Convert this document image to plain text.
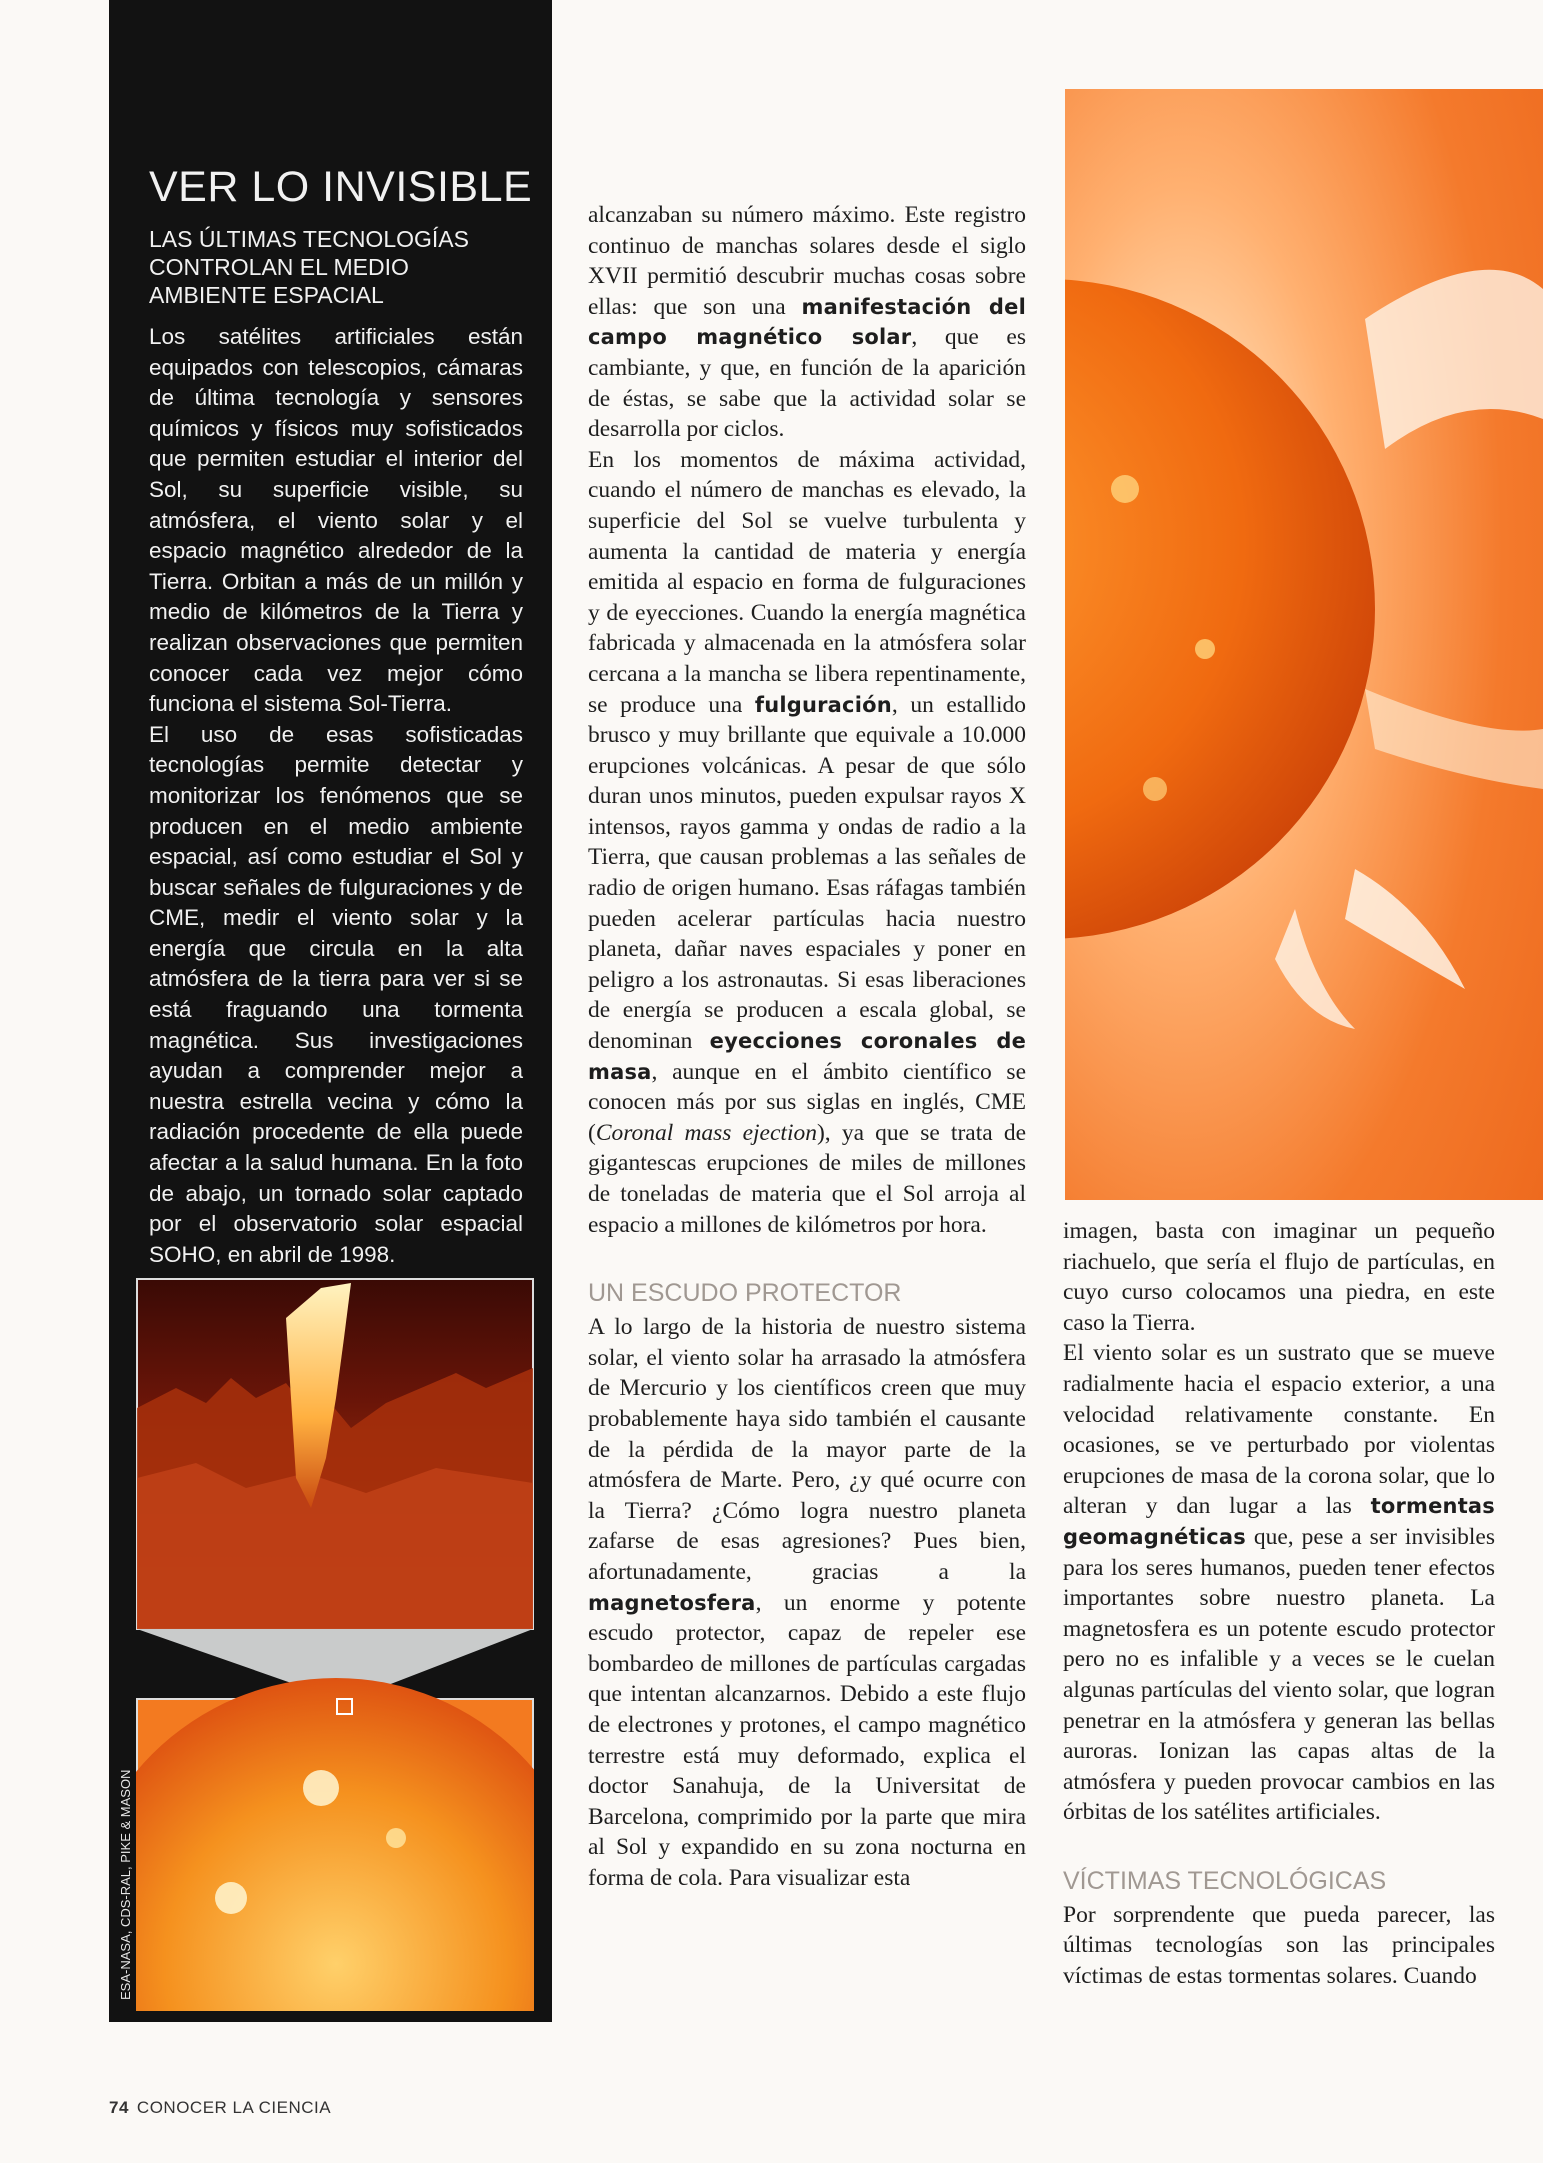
VER LO INVISIBLE
LAS ÚLTIMAS TECNOLOGÍAS CONTROLAN EL MEDIO AMBIENTE ESPACIAL

Los satélites artificiales están equipados con telescopios, cámaras de última tecnología y sensores químicos y físicos muy sofisticados que permiten estudiar el interior del Sol, su superficie visible, su atmósfera, el viento solar y el espacio magnético alrededor de la Tierra. Orbitan a más de un millón y medio de kilómetros de la Tierra y realizan observaciones que permiten conocer cada vez mejor cómo funciona el sistema Sol-Tierra.

El uso de esas sofisticadas tecnologías permite detectar y monitorizar los fenómenos que se producen en el medio ambiente espacial, así como estudiar el Sol y buscar señales de fulguraciones y de CME, medir el viento solar y la energía que circula en la alta atmósfera de la tierra para ver si se está fraguando una tormenta magnética. Sus investigaciones ayudan a comprender mejor a nuestra estrella vecina y cómo la radiación procedente de ella puede afectar a la salud humana. En la foto de abajo, un tornado solar captado por el observatorio solar espacial SOHO, en abril de 1998.

alcanzaban su número máximo. Este registro continuo de manchas solares desde el siglo XVII permitió descubrir muchas cosas sobre ellas: que son una manifestación del campo magnético solar, que es cambiante, y que, en función de la aparición de éstas, se sabe que la actividad solar se desarrolla por ciclos.

En los momentos de máxima actividad, cuando el número de manchas es elevado, la superficie del Sol se vuelve turbulenta y aumenta la cantidad de materia y energía emitida al espacio en forma de fulguraciones y de eyecciones. Cuando la energía magnética fabricada y almacenada en la atmósfera solar cercana a la mancha se libera repentinamente, se produce una fulguración, un estallido brusco y muy brillante que equivale a 10.000 erupciones volcánicas. A pesar de que sólo duran unos minutos, pueden expulsar rayos X intensos, rayos gamma y ondas de radio a la Tierra, que causan problemas a las señales de radio de origen humano. Esas ráfagas también pueden acelerar partículas hacia nuestro planeta, dañar naves espaciales y poner en peligro a los astronautas. Si esas liberaciones de energía se producen a escala global, se denominan eyecciones coronales de masa, aunque en el ámbito científico se conocen más por sus siglas en inglés, CME (Coronal mass ejection), ya que se trata de gigantescas erupciones de miles de millones de toneladas de materia que el Sol arroja al espacio a millones de kilómetros por hora.

UN ESCUDO PROTECTOR

A lo largo de la historia de nuestro sistema solar, el viento solar ha arrasado la atmósfera de Mercurio y los científicos creen que muy probablemente haya sido también el causante de la pérdida de la mayor parte de la atmósfera de Marte. Pero, ¿y qué ocurre con la Tierra? ¿Cómo logra nuestro planeta zafarse de esas agresiones? Pues bien, afortunadamente, gracias a la magnetosfera, un enorme y potente escudo protector, capaz de repeler ese bombardeo de millones de partículas cargadas que intentan alcanzarnos. Debido a este flujo de electrones y protones, el campo magnético terrestre está muy deformado, explica el doctor Sanahuja, de la Universitat de Barcelona, comprimido por la parte que mira al Sol y expandido en su zona nocturna en forma de cola. Para visualizar esta

imagen, basta con imaginar un pequeño riachuelo, que sería el flujo de partículas, en cuyo curso colocamos una piedra, en este caso la Tierra.

El viento solar es un sustrato que se mueve radialmente hacia el espacio exterior, a una velocidad relativamente constante. En ocasiones, se ve perturbado por violentas erupciones de masa de la corona solar, que lo alteran y dan lugar a las tormentas geomagnéticas que, pese a ser invisibles para los seres humanos, pueden tener efectos importantes sobre nuestro planeta. La magnetosfera es un potente escudo protector pero no es infalible y a veces se le cuelan algunas partículas del viento solar, que logran penetrar en la atmósfera y generan las bellas auroras. Ionizan las capas altas de la atmósfera y pueden provocar cambios en las órbitas de los satélites artificiales.

VÍCTIMAS TECNOLÓGICAS

Por sorprendente que pueda parecer, las últimas tecnologías son las principales víctimas de estas tormentas solares. Cuando

74 CONOCER LA CIENCIA
